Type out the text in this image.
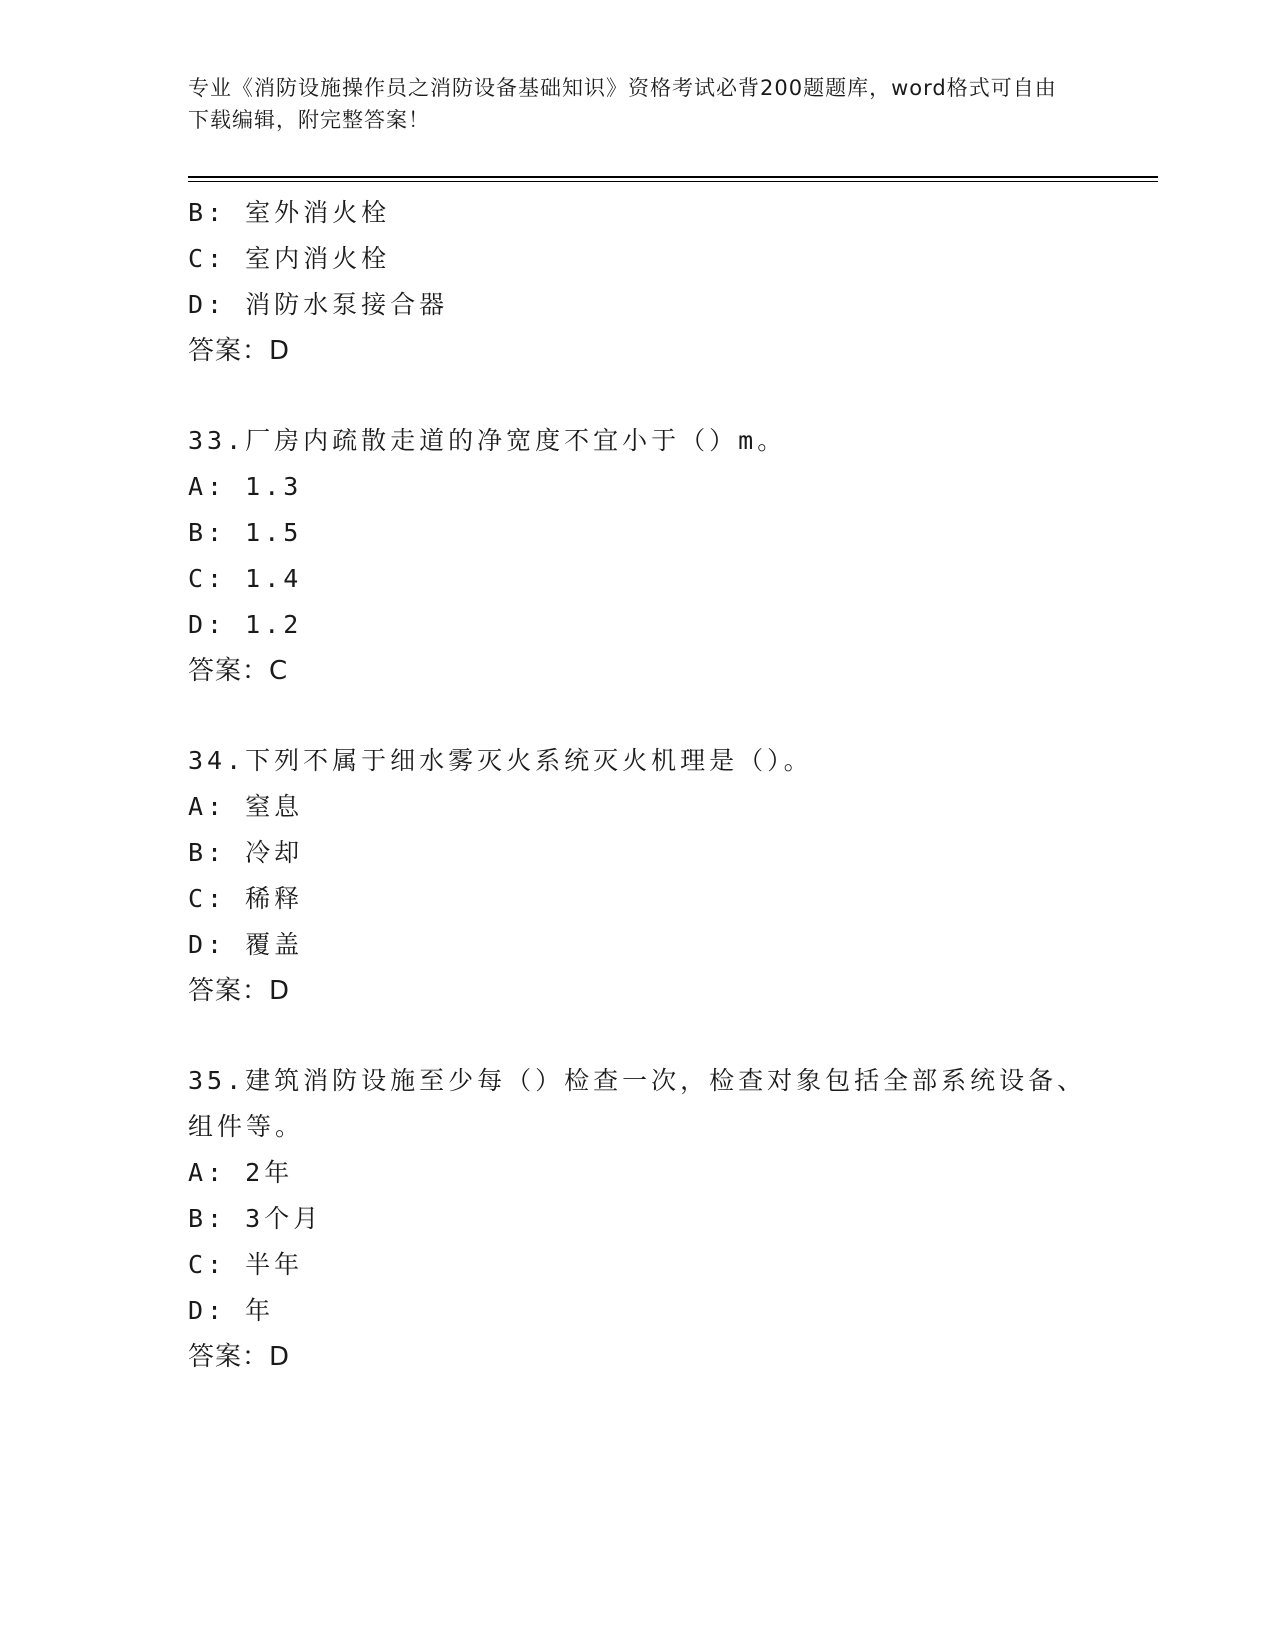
专业《消防设施操作员之消防设备基础知识》资格考试必背200题题库，word格式可自由下载编辑，附完整答案！
B: 室外消火栓
C: 室内消火栓
D: 消防水泵接合器
答案：D
33.厂房内疏散走道的净宽度不宜小于（）m。
A: 1.3
B: 1.5
C: 1.4
D: 1.2
答案：C
34.下列不属于细水雾灭火系统灭火机理是（）。
A: 窒息
B: 冷却
C: 稀释
D: 覆盖
答案：D
35.建筑消防设施至少每（）检查一次，检查对象包括全部系统设备、
组件等。
A: 2年
B: 3个月
C: 半年
D: 年
答案：D
